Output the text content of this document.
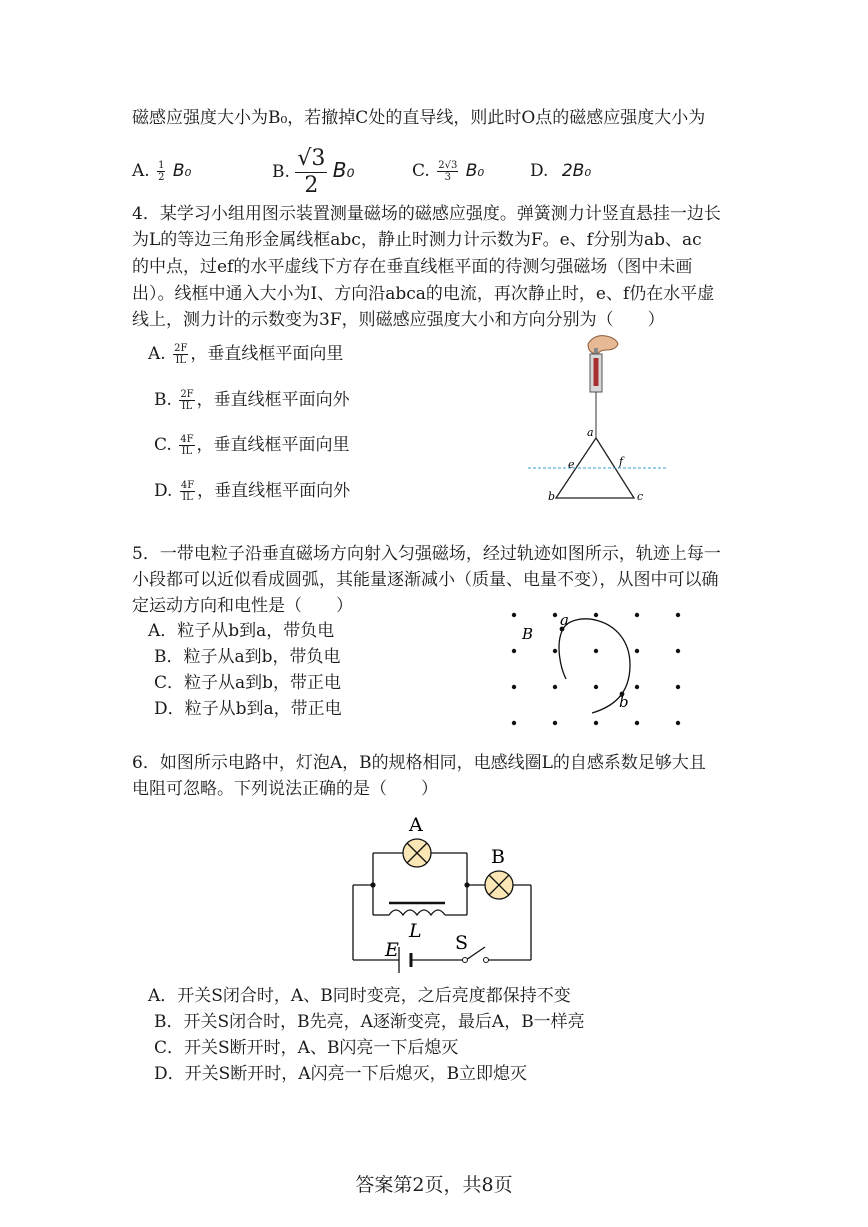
磁感应强度大小为B₀，若撤掉C处的直导线，则此时O点的磁感应强度大小为
A. $\frac{1}{2} B_0$	B. $\frac{√3}{2} B_0$	C. $\frac{2√3}{3} B_0$	D. 2B₀
4．某学习小组用图示装置测量磁场的磁感应强度。弹簧测力计竖直悬挂一边长
为L的等边三角形金属线框abc，静止时测力计示数为F。e、f分别为ab、ac
的中点，过ef的水平虚线下方存在垂直线框平面的待测匀强磁场（图中未画
出）。线框中通入大小为I、方向沿abca的电流，再次静止时，e、f仍在水平虚
线上，测力计的示数变为3F，则磁感应强度大小和方向分别为（　　）
A. $\frac{2F}{IL}$ ，垂直线框平面向里
B. $\frac{2F}{IL}$ ，垂直线框平面向外
C. $\frac{4F}{IL}$ ，垂直线框平面向里
D. $\frac{4F}{IL}$ ，垂直线框平面向外
a
e	f
b	c
5．一带电粒子沿垂直磁场方向射入匀强磁场，经过轨迹如图所示，轨迹上每一
小段都可以近似看成圆弧，其能量逐渐减小（质量、电量不变），从图中可以确
定运动方向和电性是（　　）
A．粒子从b到a，带负电
B．粒子从a到b，带负电
C．粒子从a到b，带正电
D．粒子从b到a，带正电
B
a
b
6．如图所示电路中，灯泡A，B的规格相同，电感线圈L的自感系数足够大且
电阻可忽略。下列说法正确的是（　　）
A
B
L
E	S
A．开关S闭合时，A、B同时变亮，之后亮度都保持不变
B．开关S闭合时，B先亮，A逐渐变亮，最后A，B一样亮
C．开关S断开时，A、B闪亮一下后熄灭
D．开关S断开时，A闪亮一下后熄灭，B立即熄灭
答案第2页，共8页
